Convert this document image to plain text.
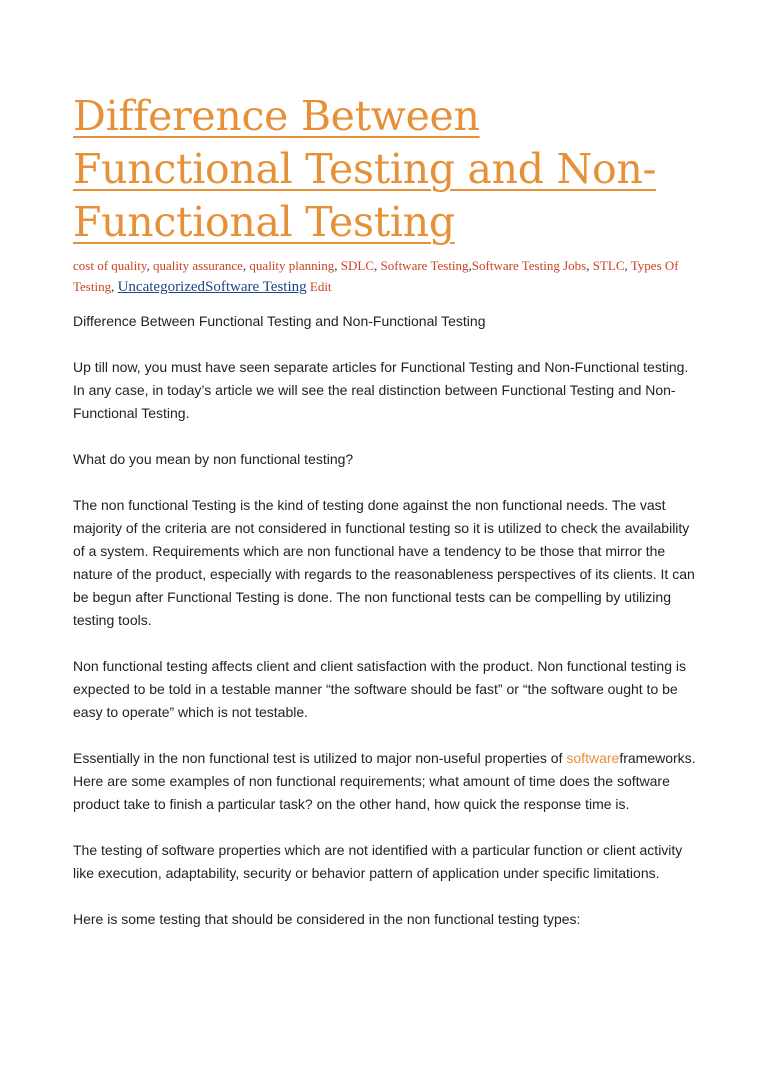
Difference Between Functional Testing and Non-Functional Testing
cost of quality, quality assurance, quality planning, SDLC, Software Testing,Software Testing Jobs, STLC, Types Of Testing, UncategorizedSoftware Testing Edit

Difference Between Functional Testing and Non-Functional Testing

Up till now, you must have seen separate articles for Functional Testing and Non-Functional testing. In any case, in today’s article we will see the real distinction between Functional Testing and Non-Functional Testing.

What do you mean by non functional testing?

The non functional Testing is the kind of testing done against the non functional needs. The vast majority of the criteria are not considered in functional testing so it is utilized to check the availability of a system. Requirements which are non functional have a tendency to be those that mirror the nature of the product, especially with regards to the reasonableness perspectives of its clients. It can be begun after Functional Testing is done. The non functional tests can be compelling by utilizing testing tools.

Non functional testing affects client and client satisfaction with the product. Non functional testing is expected to be told in a testable manner “the software should be fast” or “the software ought to be easy to operate” which is not testable.

Essentially in the non functional test is utilized to major non-useful properties of softwareframeworks. Here are some examples of non functional requirements; what amount of time does the software product take to finish a particular task? on the other hand, how quick the response time is.

The testing of software properties which are not identified with a particular function or client activity like execution, adaptability, security or behavior pattern of application under specific limitations.

Here is some testing that should be considered in the non functional testing types:
